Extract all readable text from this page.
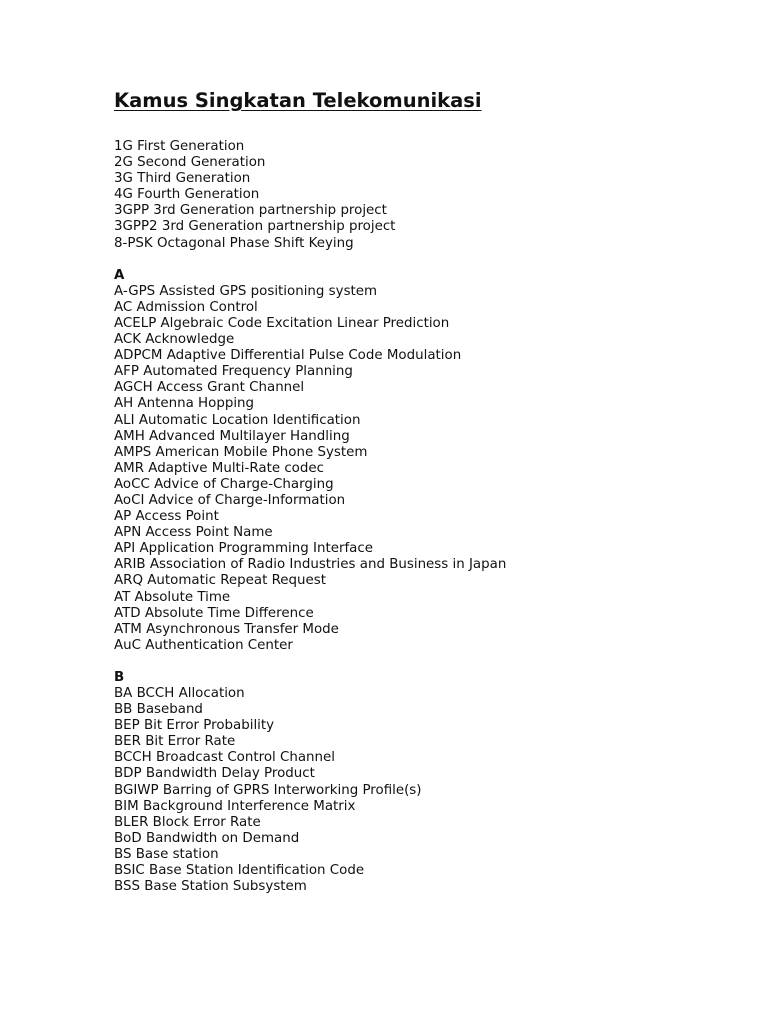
Kamus Singkatan Telekomunikasi
1G First Generation
2G Second Generation
3G Third Generation
4G Fourth Generation
3GPP 3rd Generation partnership project
3GPP2 3rd Generation partnership project
8-PSK Octagonal Phase Shift Keying

A

A-GPS Assisted GPS positioning system
AC Admission Control
ACELP Algebraic Code Excitation Linear Prediction
ACK Acknowledge
ADPCM Adaptive Differential Pulse Code Modulation
AFP Automated Frequency Planning
AGCH Access Grant Channel
AH Antenna Hopping
ALI Automatic Location Identification
AMH Advanced Multilayer Handling
AMPS American Mobile Phone System
AMR Adaptive Multi-Rate codec
AoCC Advice of Charge-Charging
AoCI Advice of Charge-Information
AP Access Point
APN Access Point Name
API Application Programming Interface
ARIB Association of Radio Industries and Business in Japan
ARQ Automatic Repeat Request
AT Absolute Time
ATD Absolute Time Difference
ATM Asynchronous Transfer Mode
AuC Authentication Center

B

BA BCCH Allocation
BB Baseband
BEP Bit Error Probability
BER Bit Error Rate
BCCH Broadcast Control Channel
BDP Bandwidth Delay Product
BGIWP Barring of GPRS Interworking Profile(s)
BIM Background Interference Matrix
BLER Block Error Rate
BoD Bandwidth on Demand
BS Base station
BSIC Base Station Identification Code
BSS Base Station Subsystem
